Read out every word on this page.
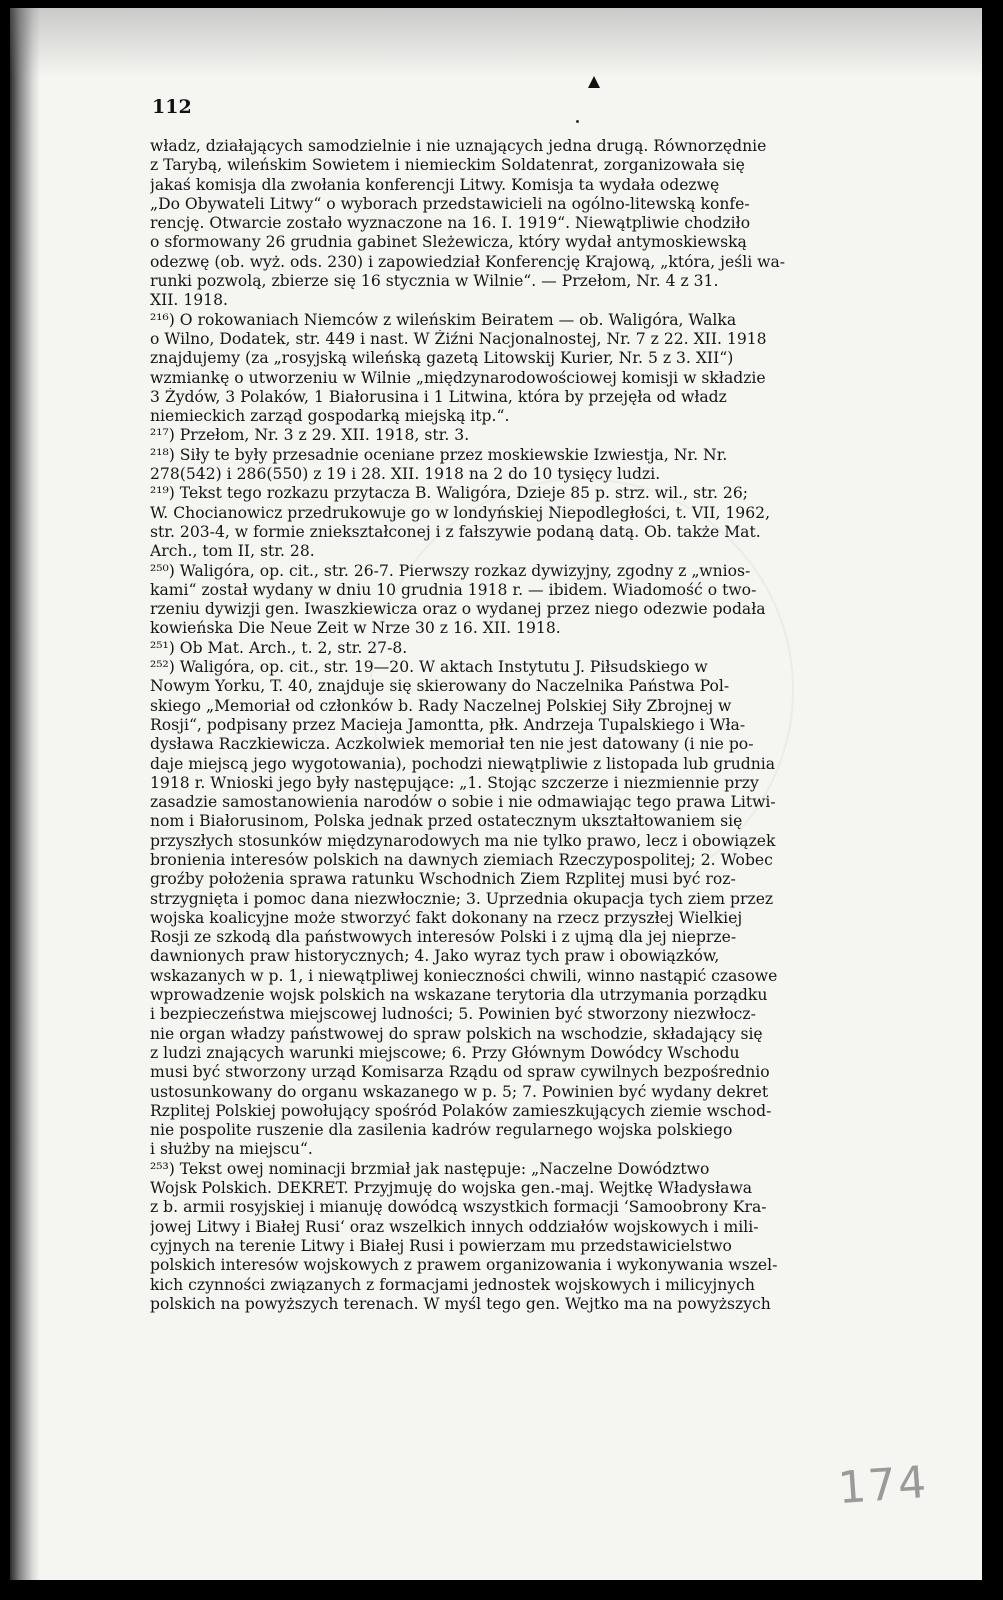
112
władz, działających samodzielnie i nie uznających jedna drugą. Równorzędnie
z Tarybą, wileńskim Sowietem i niemieckim Soldatenrat, zorganizowała się
jakaś komisja dla zwołania konferencji Litwy. Komisja ta wydała odezwę
„Do Obywateli Litwy“ o wyborach przedstawicieli na ogólno-litewską konfe-
rencję. Otwarcie zostało wyznaczone na 16. I. 1919“. Niewątpliwie chodziło
o sformowany 26 grudnia gabinet Sleżewicza, który wydał antymoskiewską
odezwę (ob. wyż. ods. 230) i zapowiedział Konferencję Krajową, „która, jeśli wa-
runki pozwolą, zbierze się 16 stycznia w Wilnie“. — Przełom, Nr. 4 z 31.
XII. 1918.
²¹⁶) O rokowaniach Niemców z wileńskim Beiratem — ob. Waligóra, Walka
o Wilno, Dodatek, str. 449 i nast. W Żiźni Nacjonalnostej, Nr. 7 z 22. XII. 1918
znajdujemy (za „rosyjską wileńską gazetą Litowskij Kurier, Nr. 5 z 3. XII“)
wzmiankę o utworzeniu w Wilnie „międzynarodowościowej komisji w składzie
3 Żydów, 3 Polaków, 1 Białorusina i 1 Litwina, która by przejęła od władz
niemieckich zarząd gospodarką miejską itp.“.
²¹⁷) Przełom, Nr. 3 z 29. XII. 1918, str. 3.
²¹⁸) Siły te były przesadnie oceniane przez moskiewskie Izwiestja, Nr. Nr.
278(542) i 286(550) z 19 i 28. XII. 1918 na 2 do 10 tysięcy ludzi.
²¹⁹) Tekst tego rozkazu przytacza B. Waligóra, Dzieje 85 p. strz. wil., str. 26;
W. Chocianowicz przedrukowuje go w londyńskiej Niepodległości, t. VII, 1962,
str. 203-4, w formie zniekształconej i z fałszywie podaną datą. Ob. także Mat.
Arch., tom II, str. 28.
²⁵⁰) Waligóra, op. cit., str. 26-7. Pierwszy rozkaz dywizyjny, zgodny z „wnios-
kami“ został wydany w dniu 10 grudnia 1918 r. — ibidem. Wiadomość o two-
rzeniu dywizji gen. Iwaszkiewicza oraz o wydanej przez niego odezwie podała
kowieńska Die Neue Zeit w Nrze 30 z 16. XII. 1918.
²⁵¹) Ob Mat. Arch., t. 2, str. 27-8.
²⁵²) Waligóra, op. cit., str. 19—20. W aktach Instytutu J. Piłsudskiego w
Nowym Yorku, T. 40, znajduje się skierowany do Naczelnika Państwa Pol-
skiego „Memoriał od członków b. Rady Naczelnej Polskiej Siły Zbrojnej w
Rosji“, podpisany przez Macieja Jamontta, płk. Andrzeja Tupalskiego i Wła-
dysława Raczkiewicza. Aczkolwiek memoriał ten nie jest datowany (i nie po-
daje miejscą jego wygotowania), pochodzi niewątpliwie z listopada lub grudnia
1918 r. Wnioski jego były następujące: „1. Stojąc szczerze i niezmiennie przy
zasadzie samostanowienia narodów o sobie i nie odmawiając tego prawa Litwi-
nom i Białorusinom, Polska jednak przed ostatecznym ukształtowaniem się
przyszłych stosunków międzynarodowych ma nie tylko prawo, lecz i obowiązek
bronienia interesów polskich na dawnych ziemiach Rzeczypospolitej; 2. Wobec
groźby położenia sprawa ratunku Wschodnich Ziem Rzplitej musi być roz-
strzygnięta i pomoc dana niezwłocznie; 3. Uprzednia okupacja tych ziem przez
wojska koalicyjne może stworzyć fakt dokonany na rzecz przyszłej Wielkiej
Rosji ze szkodą dla państwowych interesów Polski i z ujmą dla jej nieprze-
dawnionych praw historycznych; 4. Jako wyraz tych praw i obowiązków,
wskazanych w p. 1, i niewątpliwej konieczności chwili, winno nastąpić czasowe
wprowadzenie wojsk polskich na wskazane terytoria dla utrzymania porządku
i bezpieczeństwa miejscowej ludności; 5. Powinien być stworzony niezwłocz-
nie organ władzy państwowej do spraw polskich na wschodzie, składający się
z ludzi znających warunki miejscowe; 6. Przy Głównym Dowódcy Wschodu
musi być stworzony urząd Komisarza Rządu od spraw cywilnych bezpośrednio
ustosunkowany do organu wskazanego w p. 5; 7. Powinien być wydany dekret
Rzplitej Polskiej powołujący spośród Polaków zamieszkujących ziemie wschod-
nie pospolite ruszenie dla zasilenia kadrów regularnego wojska polskiego
i służby na miejscu“.
²⁵³) Tekst owej nominacji brzmiał jak następuje: „Naczelne Dowództwo
Wojsk Polskich. DEKRET. Przyjmuję do wojska gen.-maj. Wejtkę Władysława
z b. armii rosyjskiej i mianuję dowódcą wszystkich formacji ‘Samoobrony Kra-
jowej Litwy i Białej Rusi‘ oraz wszelkich innych oddziałów wojskowych i mili-
cyjnych na terenie Litwy i Białej Rusi i powierzam mu przedstawicielstwo
polskich interesów wojskowych z prawem organizowania i wykonywania wszel-
kich czynności związanych z formacjami jednostek wojskowych i milicyjnych
polskich na powyższych terenach. W myśl tego gen. Wejtko ma na powyższych
174
